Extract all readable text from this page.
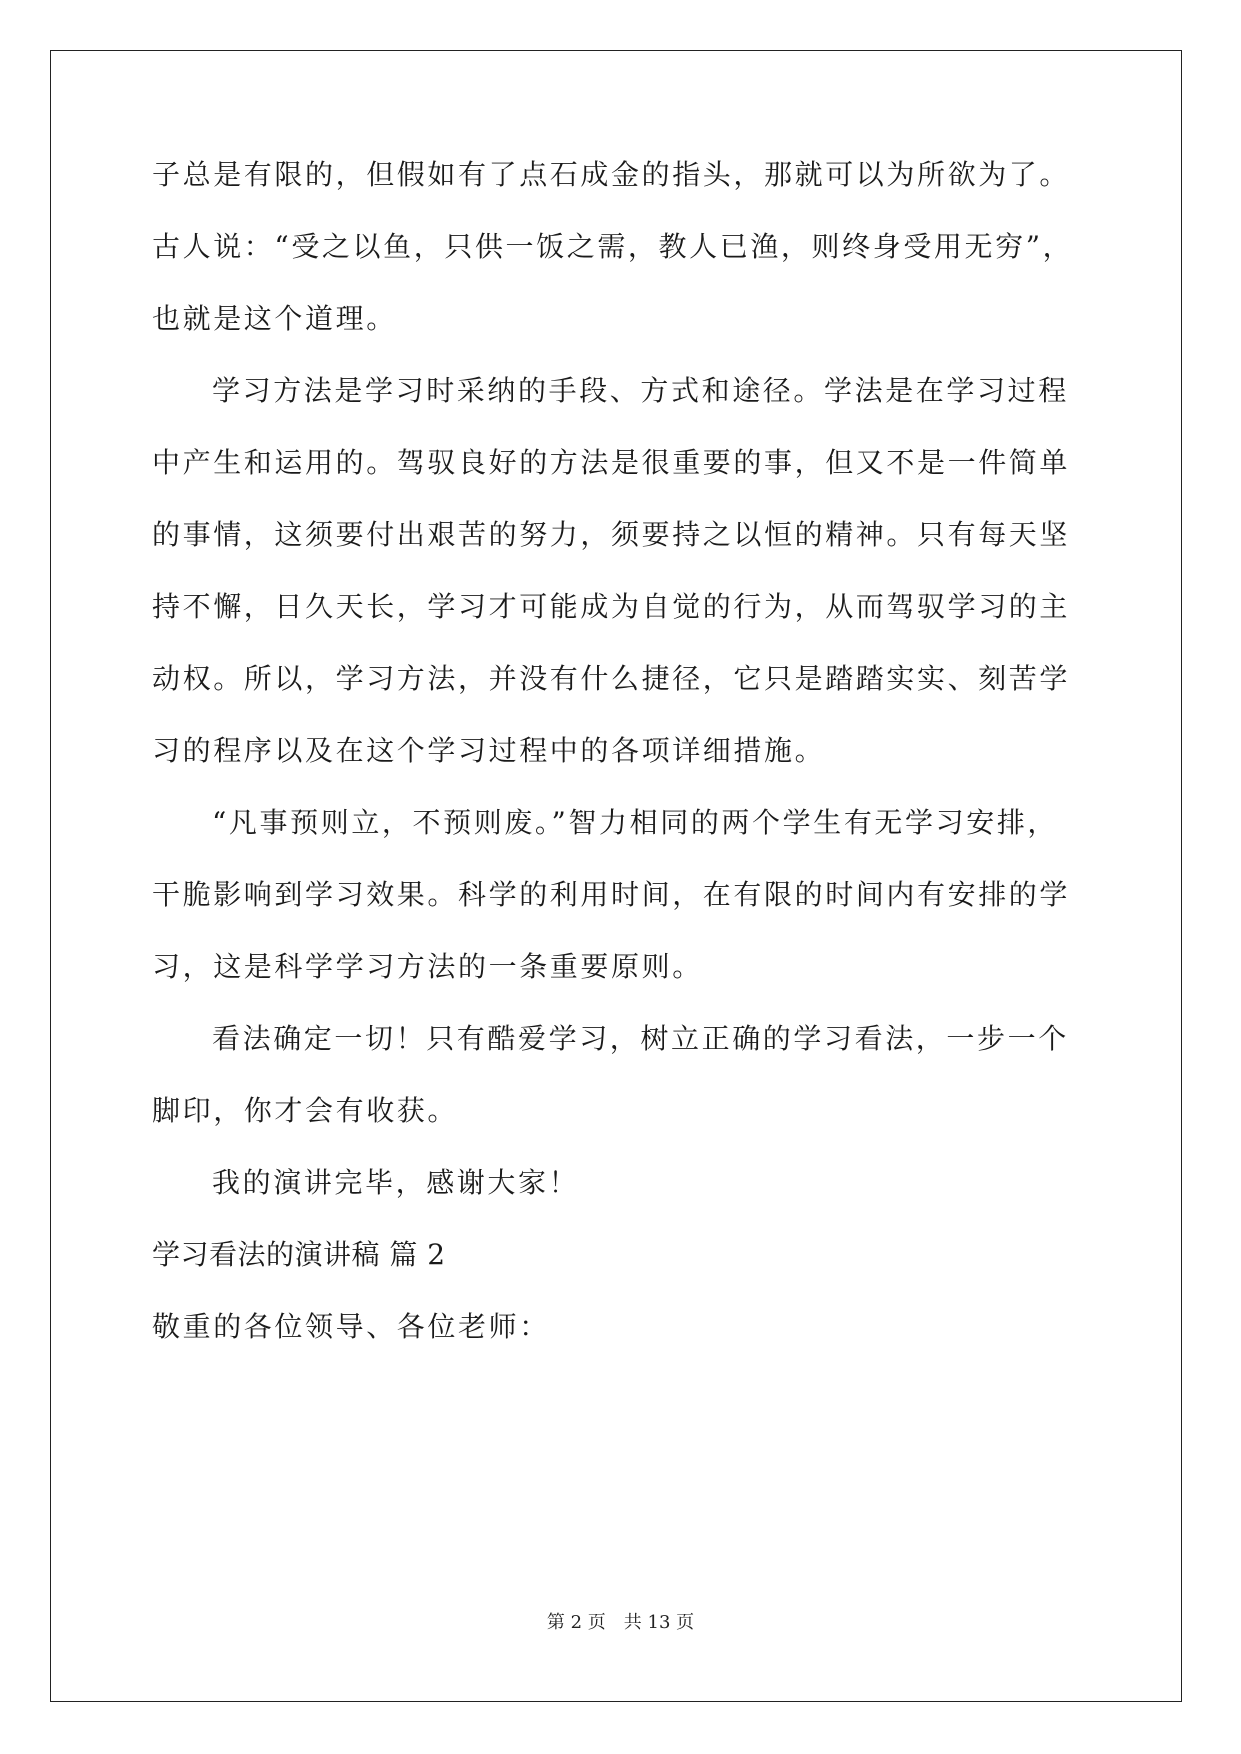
子总是有限的，但假如有了点石成金的指头，那就可以为所欲为了。
古人说：“受之以鱼，只供一饭之需，教人已渔，则终身受用无穷”，
也就是这个道理。
学习方法是学习时采纳的手段、方式和途径。学法是在学习过程
中产生和运用的。驾驭良好的方法是很重要的事，但又不是一件简单
的事情，这须要付出艰苦的努力，须要持之以恒的精神。只有每天坚
持不懈，日久天长，学习才可能成为自觉的行为，从而驾驭学习的主
动权。所以，学习方法，并没有什么捷径，它只是踏踏实实、刻苦学
习的程序以及在这个学习过程中的各项详细措施。
“凡事预则立，不预则废。”智力相同的两个学生有无学习安排，
干脆影响到学习效果。科学的利用时间，在有限的时间内有安排的学
习，这是科学学习方法的一条重要原则。
看法确定一切！只有酷爱学习，树立正确的学习看法，一步一个
脚印，你才会有收获。
我的演讲完毕，感谢大家！
学习看法的演讲稿 篇 2
敬重的各位领导、各位老师：
第 2 页　共 13 页
